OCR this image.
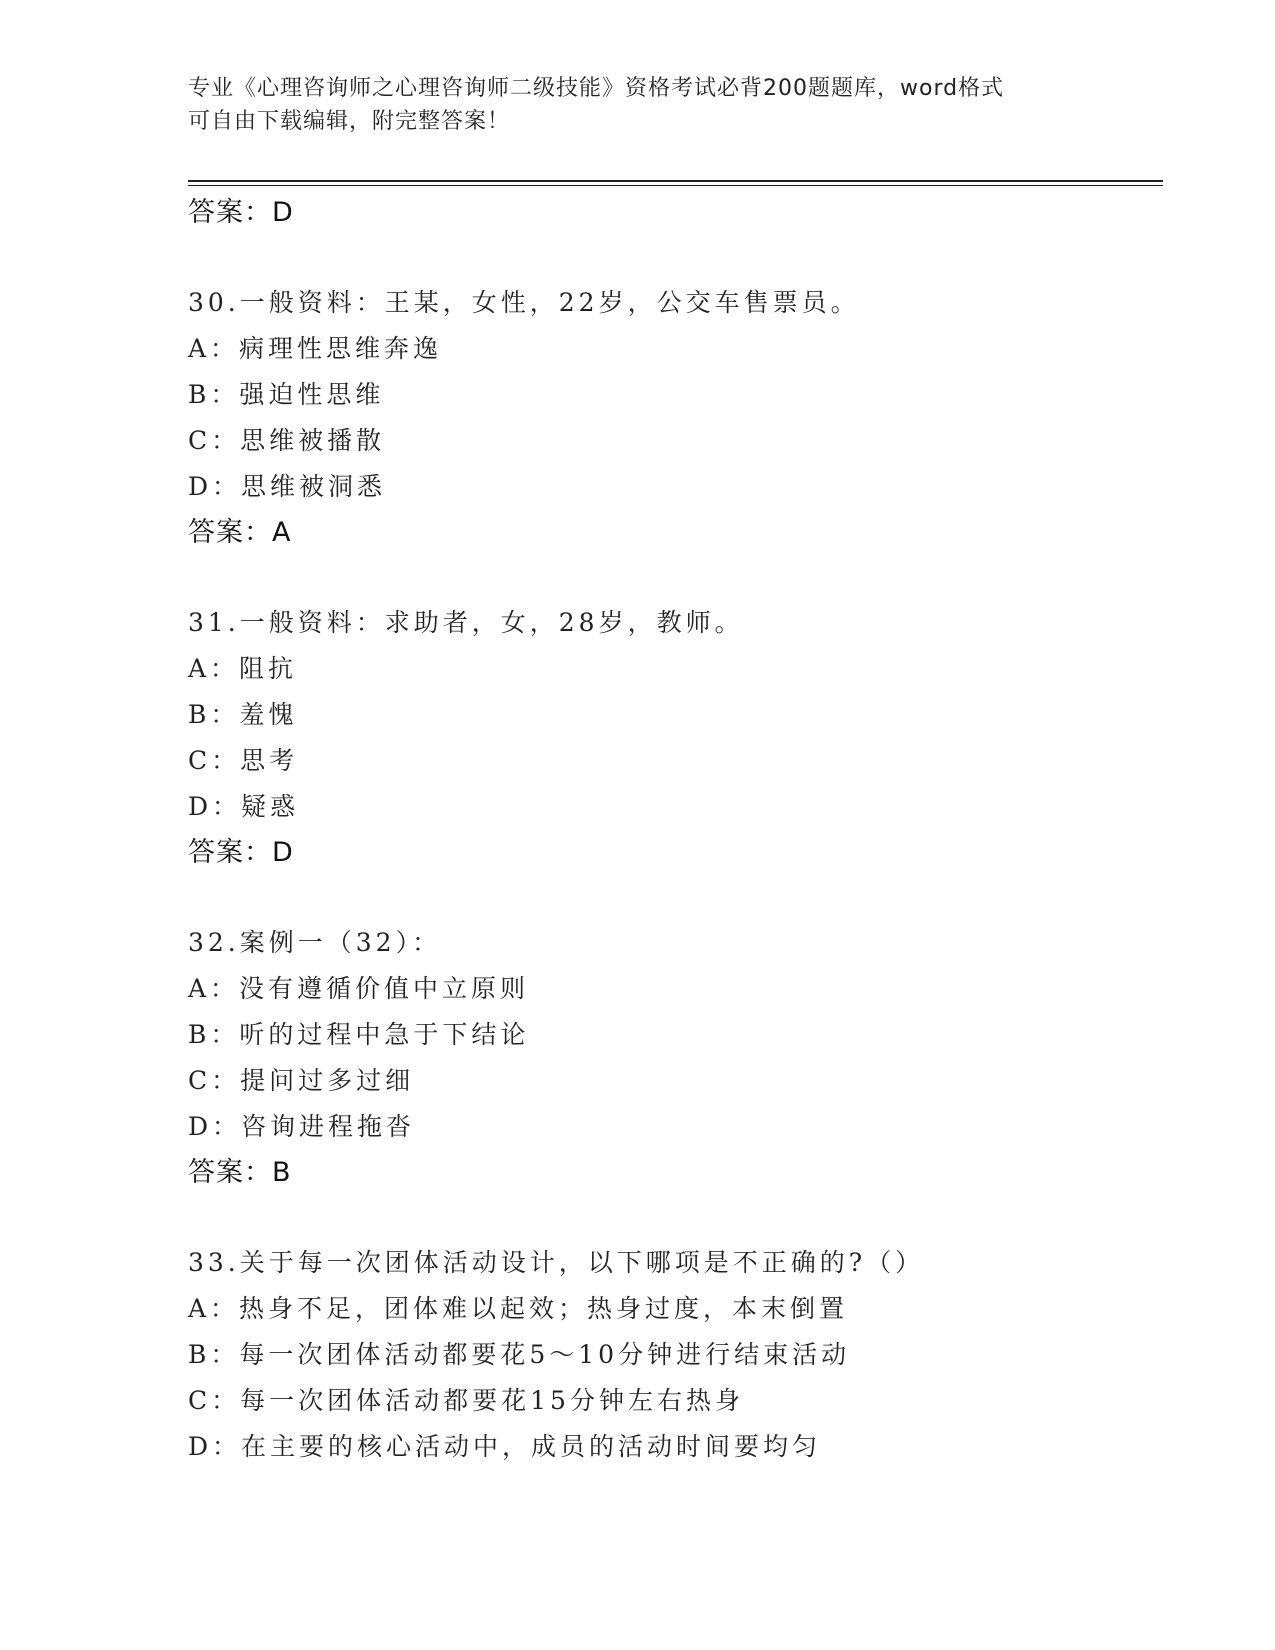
专业《心理咨询师之心理咨询师二级技能》资格考试必背200题题库，word格式
可自由下载编辑，附完整答案！
答案：D
30.一般资料：王某，女性，22岁，公交车售票员。
A：病理性思维奔逸
B：强迫性思维
C：思维被播散
D：思维被洞悉
答案：A
31.一般资料：求助者，女，28岁，教师。
A：阻抗
B：羞愧
C：思考
D：疑惑
答案：D
32.案例一（32）：
A：没有遵循价值中立原则
B：听的过程中急于下结论
C：提问过多过细
D：咨询进程拖沓
答案：B
33.关于每一次团体活动设计，以下哪项是不正确的?（）
A：热身不足，团体难以起效；热身过度，本末倒置
B：每一次团体活动都要花5～10分钟进行结束活动
C：每一次团体活动都要花15分钟左右热身
D：在主要的核心活动中，成员的活动时间要均匀
